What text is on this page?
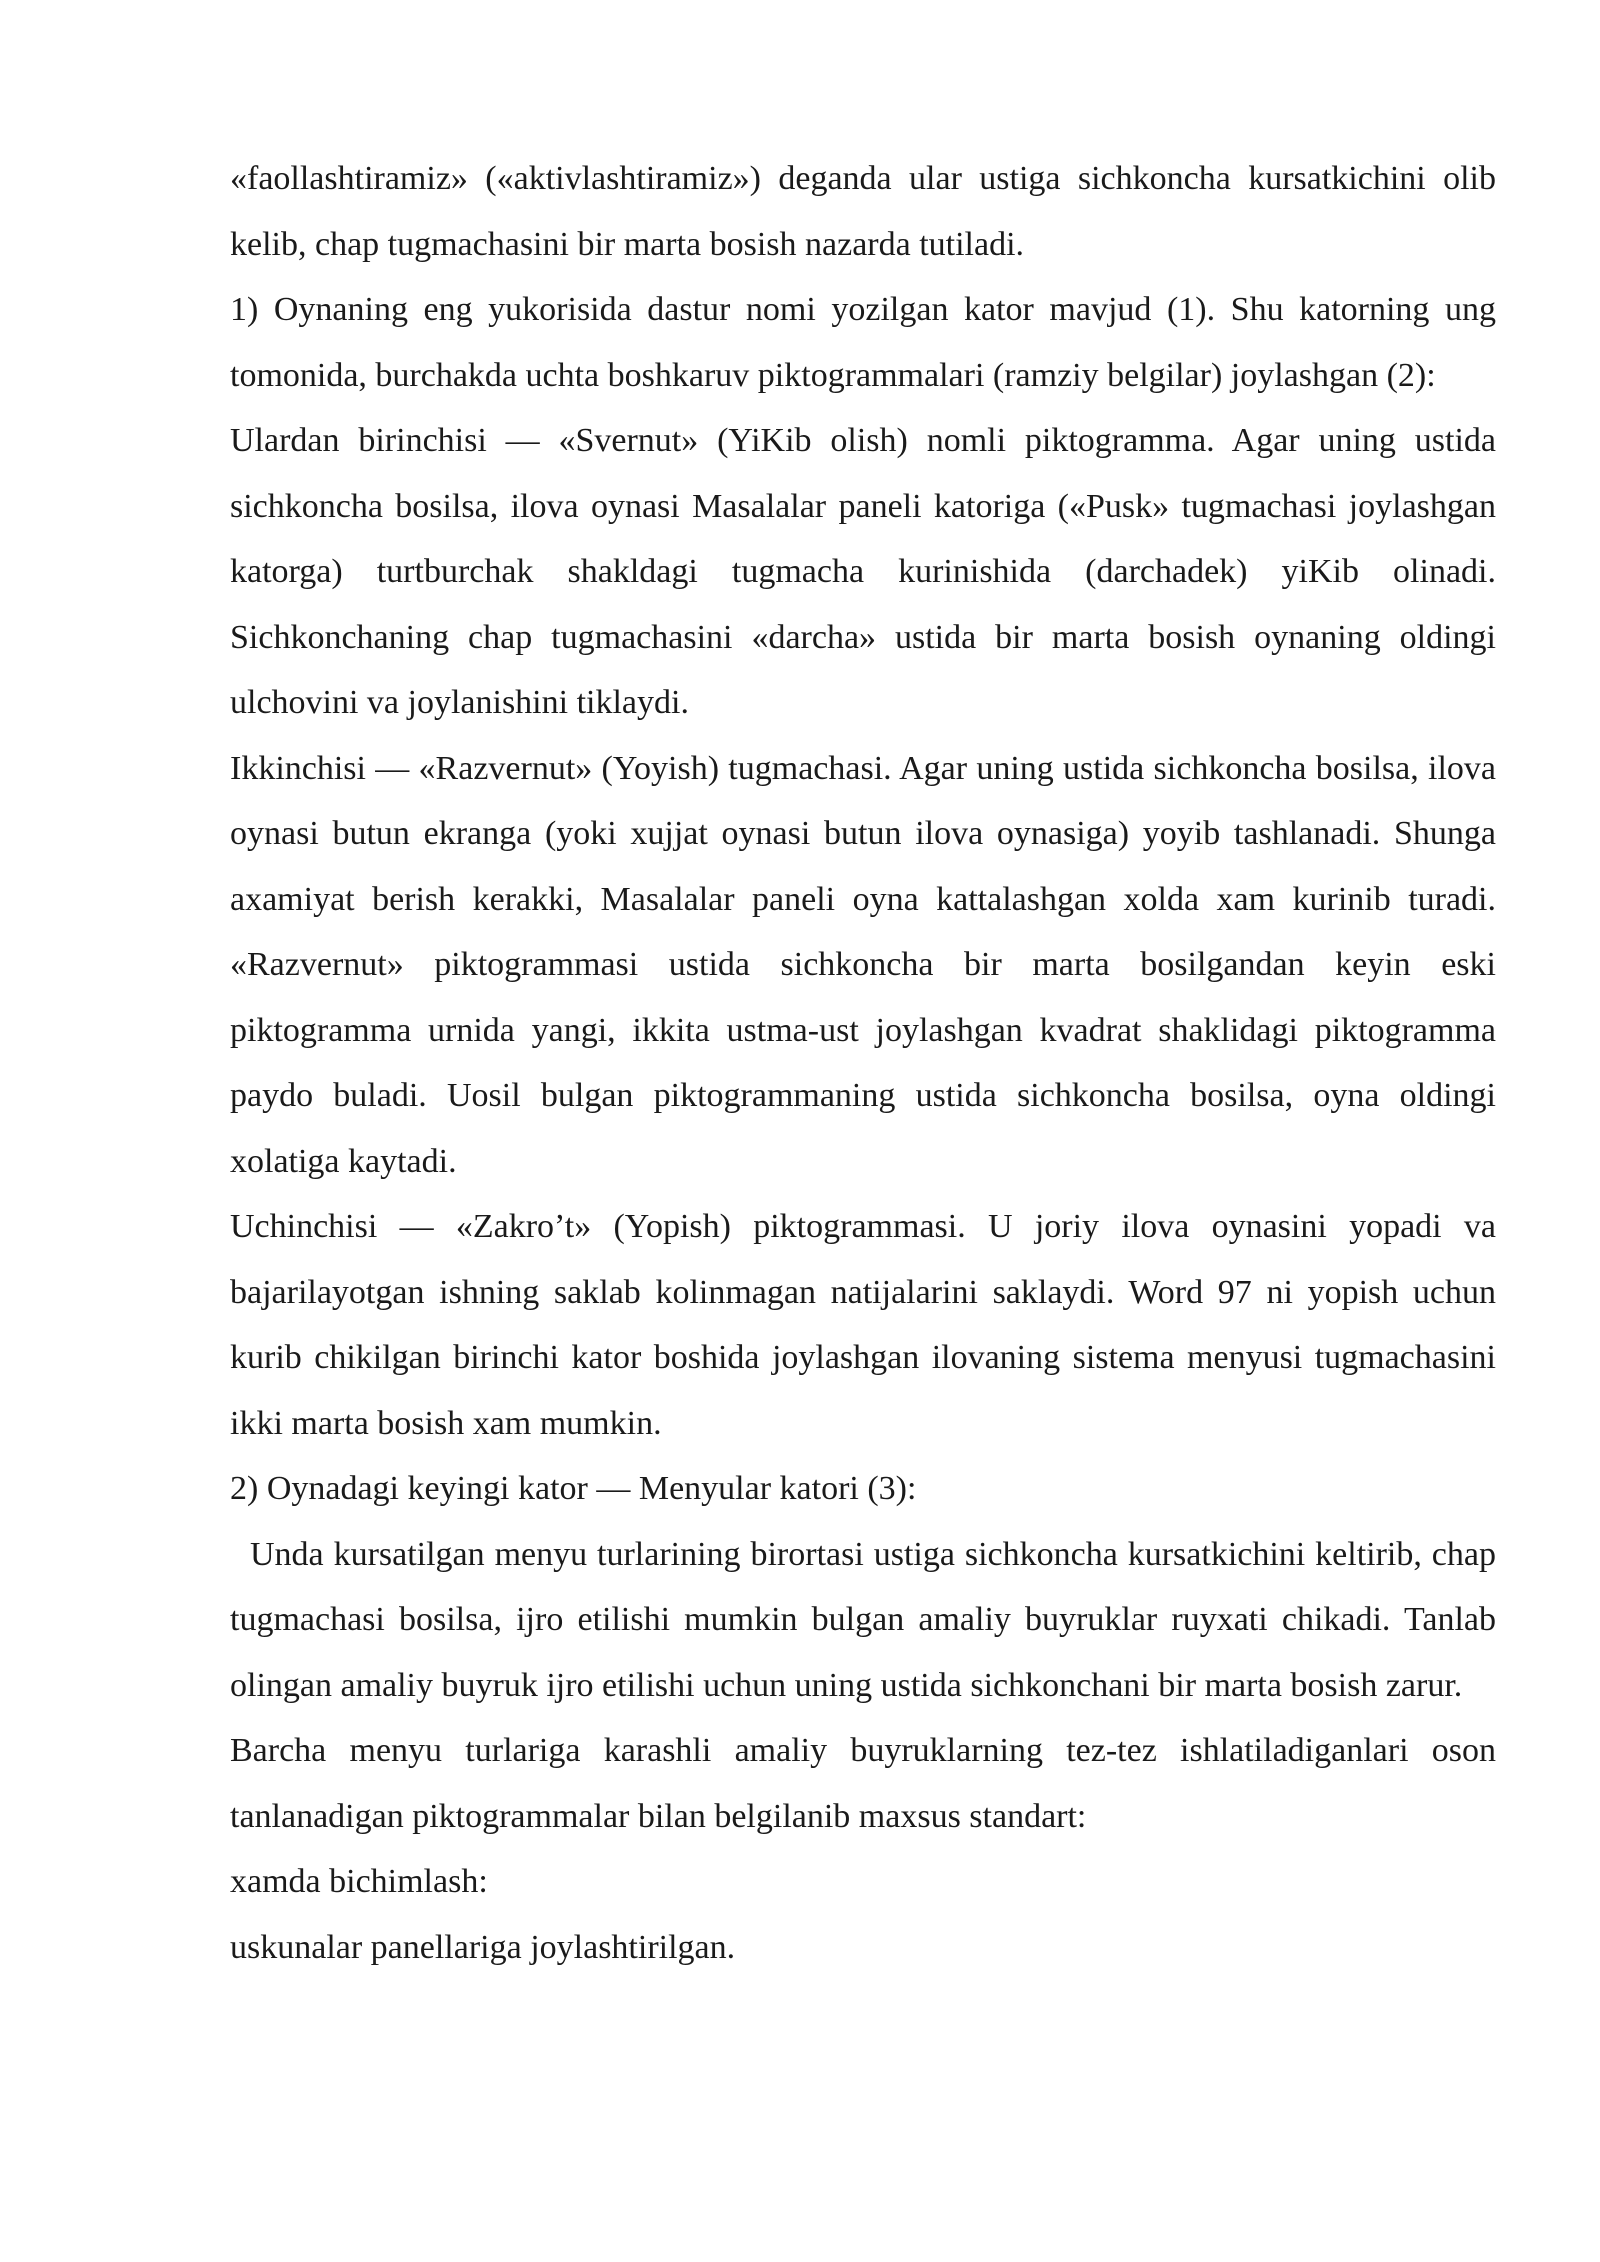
«faollashtiramiz» («aktivlashtiramiz») deganda ular ustiga sichkoncha kursatkichini olib kelib, chap tugmachasini bir marta bosish nazarda tutiladi.

1) Oynaning eng yukorisida dastur nomi yozilgan kator mavjud (1). Shu katorning ung tomonida, burchakda uchta boshkaruv piktogrammalari (ramziy belgilar) joylashgan (2):

Ulardan birinchisi — «Svernut» (YiKib olish) nomli piktogramma. Agar uning ustida sichkoncha bosilsa, ilova oynasi Masalalar paneli katoriga («Pusk» tugmachasi joylashgan katorga) turtburchak shakldagi tugmacha kurinishida (darchadek) yiKib olinadi. Sichkonchaning chap tugmachasini «darcha» ustida bir marta bosish oynaning oldingi ulchovini va joylanishini tiklaydi.

Ikkinchisi — «Razvernut» (Yoyish) tugmachasi. Agar uning ustida sichkoncha bosilsa, ilova oynasi butun ekranga (yoki xujjat oynasi butun ilova oynasiga) yoyib tashlanadi. Shunga axamiyat berish kerakki, Masalalar paneli oyna kattalashgan xolda xam kurinib turadi. «Razvernut» piktogrammasi ustida sichkoncha bir marta bosilgandan keyin eski piktogramma urnida yangi, ikkita ustma-ust joylashgan kvadrat shaklidagi piktogramma paydo buladi. Uosil bulgan piktogrammaning ustida sichkoncha bosilsa, oyna oldingi xolatiga kaytadi.

Uchinchisi — «Zakro’t» (Yopish) piktogrammasi. U joriy ilova oynasini yopadi va bajarilayotgan ishning saklab kolinmagan natijalarini saklaydi. Word 97 ni yopish uchun kurib chikilgan birinchi kator boshida joylashgan ilovaning sistema menyusi tugmachasini ikki marta bosish xam mumkin.

2) Oynadagi keyingi kator — Menyular katori (3):

Unda kursatilgan menyu turlarining birortasi ustiga sichkoncha kursatkichini keltirib, chap tugmachasi bosilsa, ijro etilishi mumkin bulgan amaliy buyruklar ruyxati chikadi. Tanlab olingan amaliy buyruk ijro etilishi uchun uning ustida sichkonchani bir marta bosish zarur.

Barcha menyu turlariga karashli amaliy buyruklarning tez-tez ishlatiladiganlari oson tanlanadigan piktogrammalar bilan belgilanib maxsus standart:

xamda bichimlash:

uskunalar panellariga joylashtirilgan.
